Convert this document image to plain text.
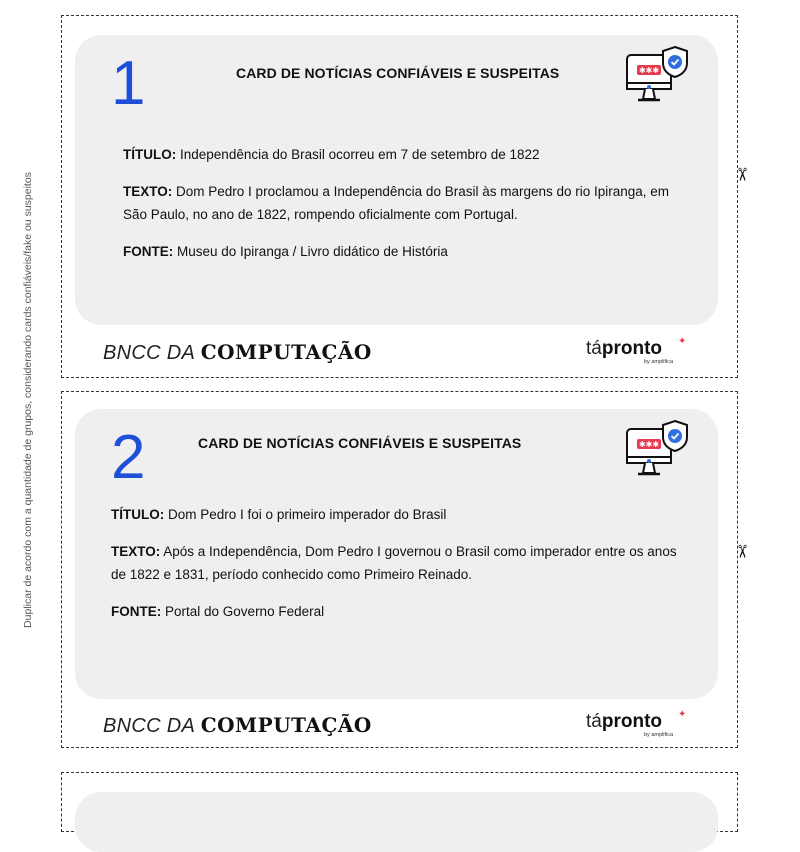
Duplicar de acordo com a quantidade de grupos, considerando cards confiáveis/fake ou suspeitos	✂
1	CARD DE NOTÍCIAS CONFIÁVEIS E SUSPEITAS	✱✱✱

TÍTULO: Independência do Brasil ocorreu em 7 de setembro de 1822

TEXTO: Dom Pedro I proclamou a Independência do Brasil às margens do rio Ipiranga, em São Paulo, no ano de 1822, rompendo oficialmente com Portugal.

FONTE: Museu do Ipiranga / Livro didático de História

BNCC DA COMPUTAÇÃO	tápronto
by amplifica
✦
✂
2	CARD DE NOTÍCIAS CONFIÁVEIS E SUSPEITAS	✱✱✱

TÍTULO: Dom Pedro I foi o primeiro imperador do Brasil

TEXTO: Após a Independência, Dom Pedro I governou o Brasil como imperador entre os anos de 1822 e 1831, período conhecido como Primeiro Reinado.

FONTE: Portal do Governo Federal

BNCC DA COMPUTAÇÃO	tápronto
by amplifica
✦
